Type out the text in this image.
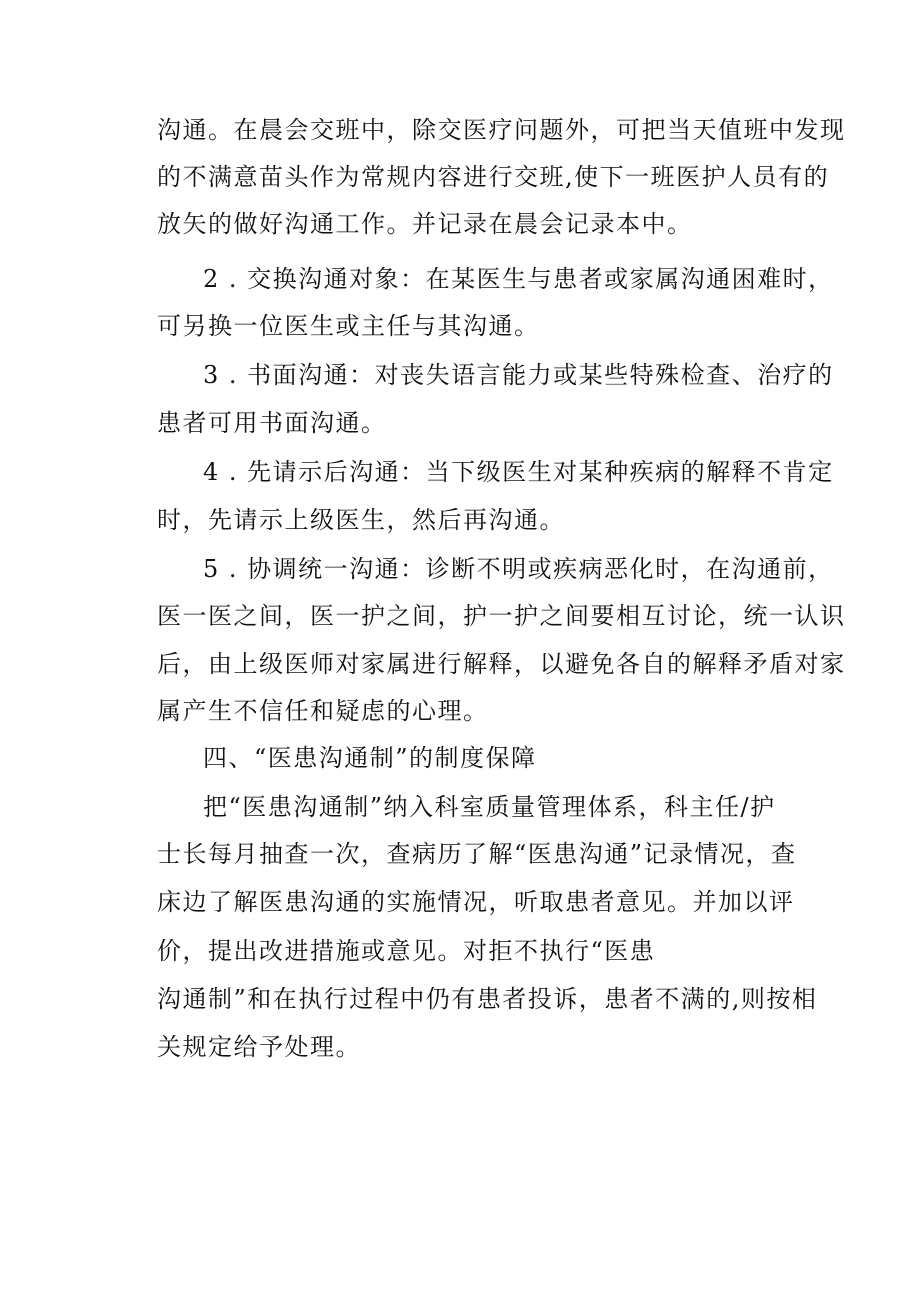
沟通。在晨会交班中，除交医疗问题外，可把当天值班中发现
的不满意苗头作为常规内容进行交班,使下一班医护人员有的
放矢的做好沟通工作。并记录在晨会记录本中。
2 . 交换沟通对象：在某医生与患者或家属沟通困难时，
可另换一位医生或主任与其沟通。
3 . 书面沟通：对丧失语言能力或某些特殊检查、治疗的
患者可用书面沟通。
4 . 先请示后沟通：当下级医生对某种疾病的解释不肯定
时，先请示上级医生，然后再沟通。
5 . 协调统一沟通：诊断不明或疾病恶化时，在沟通前，
医一医之间，医一护之间，护一护之间要相互讨论，统一认识
后，由上级医师对家属进行解释，以避免各自的解释矛盾对家
属产生不信任和疑虑的心理。
四、“医患沟通制”的制度保障
把“医患沟通制”纳入科室质量管理体系，科主任/护
士长每月抽查一次，查病历了解“医患沟通”记录情况，查
床边了解医患沟通的实施情况，听取患者意见。并加以评
价，提出改进措施或意见。对拒不执行“医患
沟通制”和在执行过程中仍有患者投诉，患者不满的,则按相
关规定给予处理。
